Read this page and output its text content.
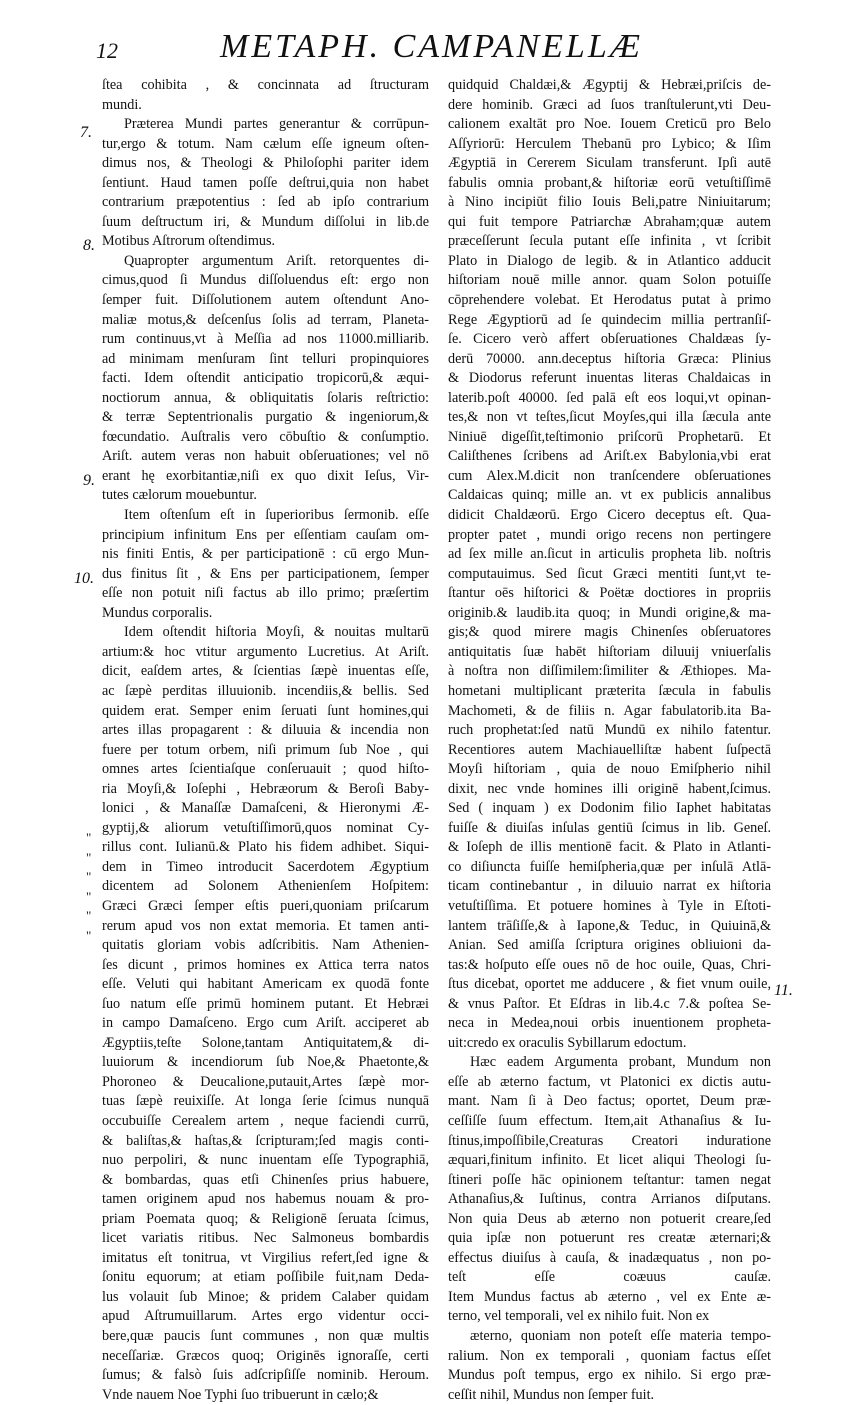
12	METAPH. CAMPANELLÆ
7.
8.
9.
10.
11.
"
"
"
"
"
"
ſtea cohibita , & concinnata ad ſtructuram
mundi.
Præterea Mundi partes generantur & corrūpun-
tur,ergo & totum. Nam cælum eſſe igneum oſten-
dimus nos, & Theologi & Philoſophi pariter idem
ſentiunt. Haud tamen poſſe deſtrui,quia non habet
contrarium præpotentius : ſed ab ipſo contrarium
ſuum deſtructum iri, & Mundum diſſolui in lib.de
Motibus Aſtrorum oſtendimus.
Quapropter argumentum Ariſt. retorquentes di-
cimus,quod ſi Mundus diſſoluendus eſt: ergo non
ſemper fuit. Diſſolutionem autem oſtendunt Ano-
maliæ motus,& deſcenſus ſolis ad terram, Planeta-
rum continuus,vt à Meſſia ad nos 11000.milliarib.
ad minimam menſuram ſint telluri propinquiores
facti. Idem oſtendit anticipatio tropicorū,& æqui-
noctiorum annua, & obliquitatis ſolaris reſtrictio:
& terræ Septentrionalis purgatio & ingeniorum,&
fœcundatio. Auſtralis vero cōbuſtio & conſumptio.
Ariſt. autem veras non habuit obſeruationes; vel nō
erant hę exorbitantiæ,niſi ex quo dixit Ieſus, Vir-
tutes cælorum mouebuntur.
Item oſtenſum eſt in ſuperioribus ſermonib. eſſe
principium infinitum Ens per eſſentiam cauſam om-
nis finiti Entis, & per participationē : cū ergo Mun-
dus finitus ſit , & Ens per participationem, ſemper
eſſe non potuit niſi factus ab illo primo; præſertim
Mundus corporalis.
Idem oſtendit hiſtoria Moyſi, & nouitas multarū
artium:& hoc vtitur argumento Lucretius. At Ariſt.
dicit, eaſdem artes, & ſcientias ſæpè inuentas eſſe,
ac ſæpè perditas illuuionib. incendiis,& bellis. Sed
quidem erat. Semper enim ſeruati ſunt homines,qui
artes illas propagarent : & diluuia & incendia non
fuere per totum orbem, niſi primum ſub Noe , qui
omnes artes ſcientiaſque conſeruauit ; quod hiſto-
ria Moyſi,& Ioſephi , Hebræorum & Beroſi Baby-
lonici , & Manaſſæ Damaſceni, & Hieronymi Æ-
gyptij,& aliorum vetuſtiſſimorū,quos nominat Cy-
rillus cont. Iulianū.& Plato his fidem adhibet. Siqui-
dem in Timeo introducit Sacerdotem Ægyptium
dicentem ad Solonem Athenienſem Hoſpitem:
Græci Græci ſemper eſtis pueri,quoniam priſcarum
rerum apud vos non extat memoria. Et tamen anti-
quitatis gloriam vobis adſcribitis. Nam Athenien-
ſes dicunt , primos homines ex Attica terra natos
eſſe. Veluti qui habitant Americam ex quodā fonte
ſuo natum eſſe primū hominem putant. Et Hebræi
in campo Damaſceno. Ergo cum Ariſt. acciperet ab
Ægyptiis,teſte Solone,tantam Antiquitatem,& di-
luuiorum & incendiorum ſub Noe,& Phaetonte,&
Phoroneo & Deucalione,putauit,Artes ſæpè mor-
tuas ſæpè reuixiſſe. At longa ſerie ſcimus nunquā
occubuiſſe Cerealem artem , neque faciendi currū,
& baliſtas,& haſtas,& ſcripturam;ſed magis conti-
nuo perpoliri, & nunc inuentam eſſe Typographiā,
& bombardas, quas etſi Chinenſes prius habuere,
tamen originem apud nos habemus nouam & pro-
priam Poemata quoq; & Religionē ſeruata ſcimus,
licet variatis ritibus. Nec Salmoneus bombardis
imitatus eſt tonitrua, vt Virgilius refert,ſed igne &
ſonitu equorum; at etiam poſſibile fuit,nam Deda-
lus volauit ſub Minoe; & pridem Calaber quidam
apud Aſtrumuillarum. Artes ergo videntur occi-
bere,quæ paucis ſunt communes , non quæ multis
neceſſariæ. Græcos quoq; Originēs ignoraſſe, certi
ſumus; & falsò ſuis adſcripſiſſe nominib. Heroum.
Vnde nauem Noe Typhi ſuo tribuerunt in cælo;&
quidquid Chaldæi,& Ægyptij & Hebræi,priſcis de-
dere hominib. Græci ad ſuos tranſtulerunt,vti Deu-
calionem exaltāt pro Noe. Iouem Creticū pro Belo
Aſſyriorū: Herculem Thebanū pro Lybico; & Iſim
Ægyptiā in Cererem Siculam transferunt. Ipſi autē
fabulis omnia probant,& hiſtoriæ eorū vetuſtiſſimē
à Nino incipiūt filio Iouis Beli,patre Niniuitarum;
qui fuit tempore Patriarchæ Abraham;quæ autem
præceſſerunt ſecula putant eſſe infinita , vt ſcribit
Plato in Dialogo de legib. & in Atlantico adducit
hiſtoriam nouē mille annor. quam Solon potuiſſe
cōprehendere volebat. Et Herodatus putat à primo
Rege Ægyptiorū ad ſe quindecim millia pertranſiſ-
ſe. Cicero verò affert obſeruationes Chaldæas ſy-
derū 70000. ann.deceptus hiſtoria Græca: Plinius
& Diodorus referunt inuentas literas Chaldaicas in
laterib.poſt 40000. ſed palā eſt eos loqui,vt opinan-
tes,& non vt teſtes,ſicut Moyſes,qui illa ſæcula ante
Niniuē digeſſit,teſtimonio priſcorū Prophetarū. Et
Caliſthenes ſcribens ad Ariſt.ex Babylonia,vbi erat
cum Alex.M.dicit non tranſcendere obſeruationes
Caldaicas quinq; mille an. vt ex publicis annalibus
didicit Chaldæorū. Ergo Cicero deceptus eſt. Qua-
propter patet , mundi origo recens non pertingere
ad ſex mille an.ſicut in articulis propheta lib. noſtris
computauimus. Sed ſicut Græci mentiti ſunt,vt te-
ſtantur oēs hiſtorici & Poëtæ doctiores in propriis
originib.& laudib.ita quoq; in Mundi origine,& ma-
gis;& quod mirere magis Chinenſes obſeruatores
antiquitatis ſuæ habēt hiſtoriam diluuij vniuerſalis
à noſtra non diſſimilem:ſimiliter & Æthiopes. Ma-
hometani multiplicant præterita ſæcula in fabulis
Machometi, & de filiis n. Agar fabulatorib.ita Ba-
ruch prophetat:ſed natū Mundū ex nihilo fatentur.
Recentiores autem Machiauelliſtæ habent ſuſpectā
Moyſi hiſtoriam , quia de nouo Emiſpherio nihil
dixit, nec vnde homines illi originē habent,ſcimus.
Sed ( inquam ) ex Dodonim filio Iaphet habitatas
fuiſſe & diuiſas inſulas gentiū ſcimus in lib. Geneſ.
& Ioſeph de illis mentionē facit. & Plato in Atlanti-
co diſiuncta fuiſſe hemiſpheria,quæ per inſulā Atlā-
ticam continebantur , in diluuio narrat ex hiſtoria
vetuſtiſſima. Et potuere homines à Tyle in Eſtoti-
lantem trāſiſſe,& à Iapone,& Teduc, in Quiuinā,&
Anian. Sed amiſſa ſcriptura origines obliuioni da-
tas:& hoſputo eſſe oues nō de hoc ouile, Quas, Chri-
ſtus dicebat, oportet me adducere , & fiet vnum ouile,
& vnus Paſtor. Et Eſdras in lib.4.c 7.& poſtea Se-
neca in Medea,noui orbis inuentionem propheta-
uit:credo ex oraculis Sybillarum edoctum.
Hæc eadem Argumenta probant, Mundum non
eſſe ab æterno factum, vt Platonici ex dictis autu-
mant. Nam ſi à Deo factus; oportet, Deum præ-
ceſſiſſe ſuum effectum. Item,ait Athanaſius & Iu-
ſtinus,impoſſibile,Creaturas Creatori induratione
æquari,finitum infinito. Et licet aliqui Theologi ſu-
ſtineri poſſe hāc opinionem teſtantur: tamen negat
Athanaſius,& Iuſtinus, contra Arrianos diſputans.
Non quia Deus ab æterno non potuerit creare,ſed
quia ipſæ non potuerunt res creatæ æternari;&
effectus diuiſus à cauſa, & inadæquatus , non po-
teſt eſſe coæuus cauſæ.
Item Mundus factus ab æterno , vel ex Ente æ-
terno, vel temporali, vel ex nihilo fuit. Non ex
æterno, quoniam non poteſt eſſe materia tempo-
ralium. Non ex temporali , quoniam factus eſſet
Mundus poſt tempus, ergo ex nihilo. Si ergo præ-
ceſſit nihil, Mundus non ſemper fuit.
